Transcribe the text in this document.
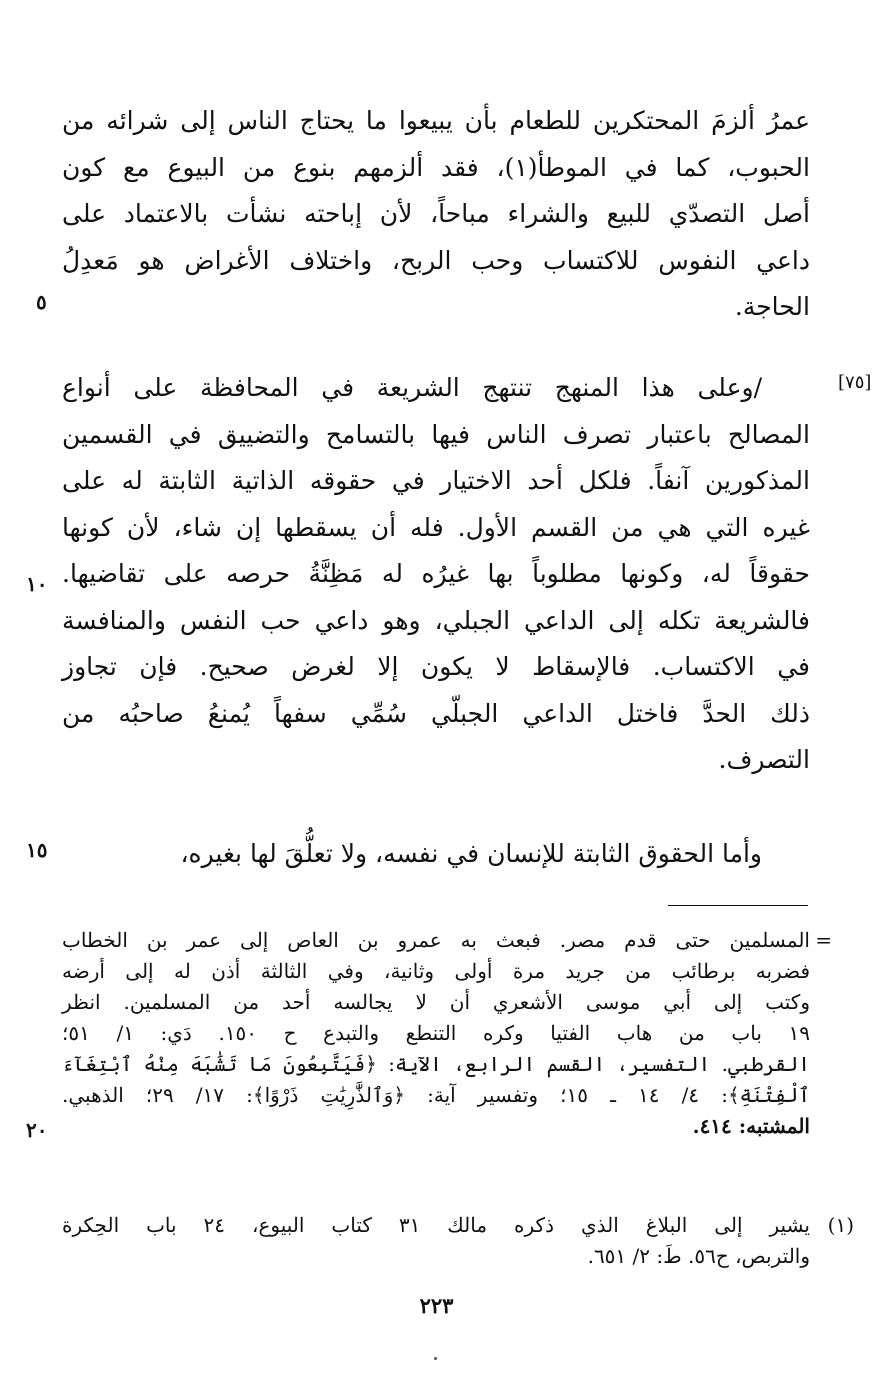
عمرُ ألزمَ المحتكرين للطعام بأن يبيعوا ما يحتاج الناس إلى شرائه من
الحبوب، كما في الموطأ(١)، فقد ألزمهم بنوع من البيوع مع كون
أصل التصدّي للبيع والشراء مباحاً، لأن إباحته نشأت بالاعتماد على
داعي النفوس للاكتساب وحب الربح، واختلاف الأغراض هو مَعدِلُ
الحاجة.
٥
[٧٥]
/وعلى هذا المنهج تنتهج الشريعة في المحافظة على أنواع
المصالح باعتبار تصرف الناس فيها بالتسامح والتضييق في القسمين
المذكورين آنفاً. فلكل أحد الاختيار في حقوقه الذاتية الثابتة له على
غيره التي هي من القسم الأول. فله أن يسقطها إن شاء، لأن كونها
حقوقاً له، وكونها مطلوباً بها غيرُه له مَظِنَّةُ حرصه على تقاضيها.
فالشريعة تكله إلى الداعي الجبلي، وهو داعي حب النفس والمنافسة
في الاكتساب. فالإسقاط لا يكون إلا لغرض صحيح. فإن تجاوز
ذلك الحدَّ فاختل الداعي الجبلّي سُمِّي سفهاً يُمنعُ صاحبُه من
التصرف.
١٠
وأما الحقوق الثابتة للإنسان في نفسه، ولا تعلُّقَ لها بغيره،
١٥
=
المسلمين حتى قدم مصر. فبعث به عمرو بن العاص إلى عمر بن الخطاب
فضربه برطائب من جريد مرة أولى وثانية، وفي الثالثة أذن له إلى أرضه
وكتب إلى أبي موسى الأشعري أن لا يجالسه أحد من المسلمين. انظر
١٩ باب من هاب الفتيا وكره التنطع والتبدع ح ١٥٠. دَي: ١/ ٥١؛
القرطبي. التفسير، القسم الرابع، الآية: ﴿فَيَتَّبِعُونَ مَا تَشَٰبَهَ مِنْهُ ٱبْتِغَآءَ
ٱلْفِتْنَةِ﴾: ٤/ ١٤ ـ ١٥؛ وتفسير آية: ﴿وَٱلذَّٰرِيَٰتِ ذَرْوًا﴾: ١٧/ ٢٩؛ الذهبي.
المشتبه: ٤١٤.
٢٠
(١)
يشير إلى البلاغ الذي ذكره مالك ٣١ كتاب البيوع، ٢٤ باب الحِكرة
والتربص، ح٥٦. طَ: ٢/ ٦٥١.
٢٢٣
